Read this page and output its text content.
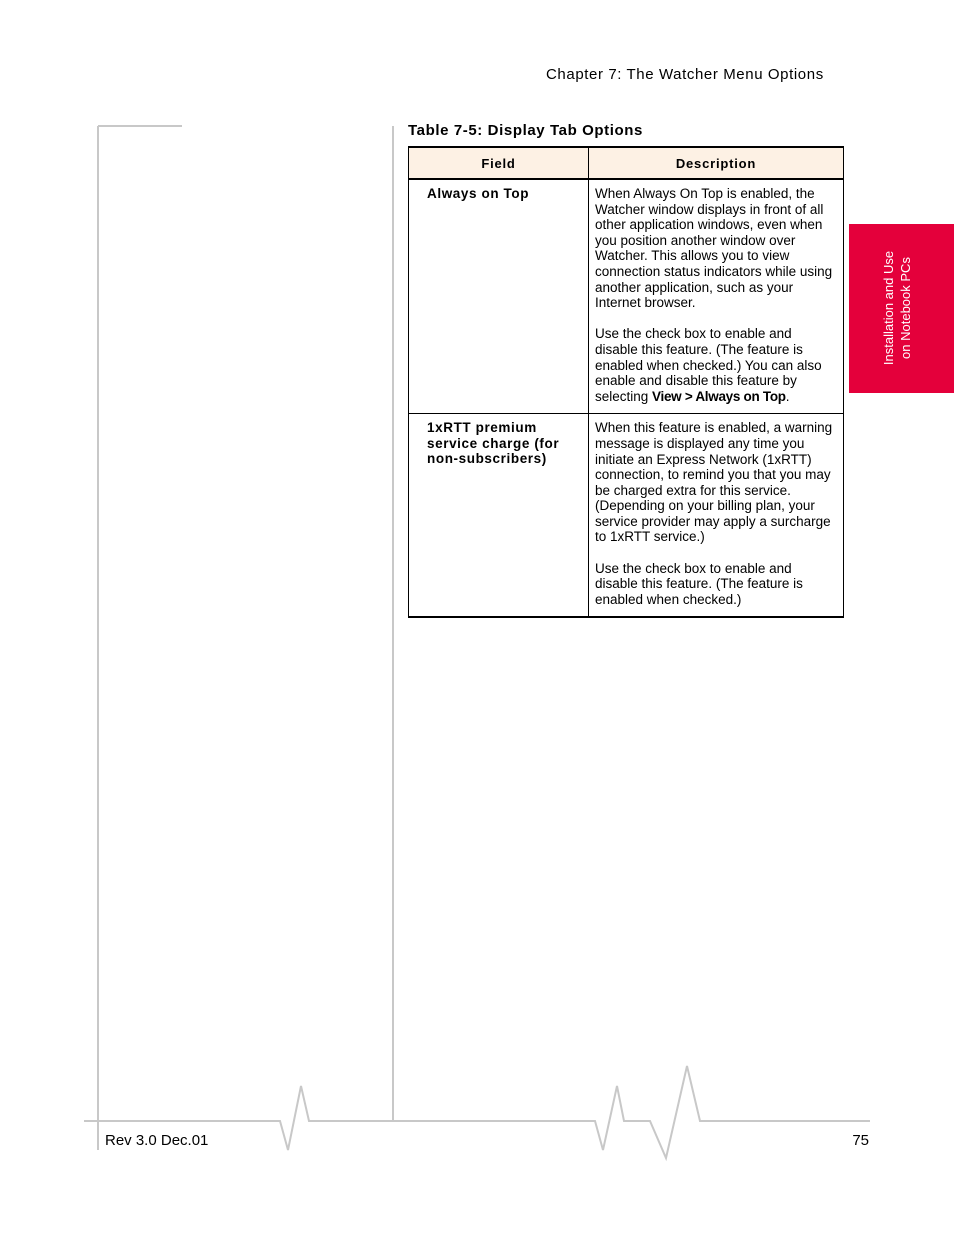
Chapter 7: The Watcher Menu Options
Installation and Use on Notebook PCs
Table 7-5: Display Tab Options
Field	Description
Always on Top	When Always On Top is enabled, the Watcher window displays in front of all other application windows, even when you position another window over Watcher. This allows you to view connection status indicators while using another application, such as your Internet browser.

Use the check box to enable and disable this feature. (The feature is enabled when checked.) You can also enable and disable this feature by selecting View > Always on Top.

1xRTT premium service charge (for non-subscribers)	When this feature is enabled, a warning message is displayed any time you initiate an Express Network (1xRTT) connection, to remind you that you may be charged extra for this service. (Depending on your billing plan, your service provider may apply a surcharge to 1xRTT service.)

Use the check box to enable and disable this feature. (The feature is enabled when checked.)

Rev 3.0 Dec.01	75
